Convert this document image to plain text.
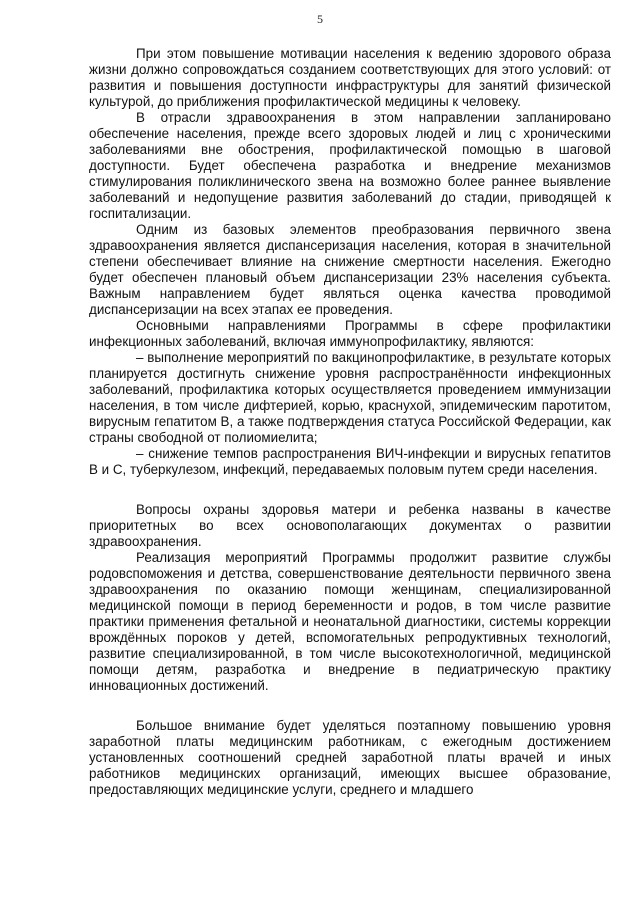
5

При этом повышение мотивации населения к ведению здорового образа жизни должно сопровождаться созданием соответствующих для этого условий: от развития и повышения доступности инфраструктуры для занятий физической культурой, до приближения профилактической медицины к человеку.

В отрасли здравоохранения в этом направлении запланировано обеспечение населения, прежде всего здоровых людей и лиц с хроническими заболеваниями вне обострения, профилактической помощью в шаговой доступности. Будет обеспечена разработка и внедрение механизмов стимулирования поликлинического звена на возможно более раннее выявление заболеваний и недопущение развития заболеваний до стадии, приводящей к госпитализации.

Одним из базовых элементов преобразования первичного звена здравоохранения является диспансеризация населения, которая в значительной степени обеспечивает влияние на снижение смертности населения. Ежегодно будет обеспечен плановый объем диспансеризации 23% населения субъекта. Важным направлением будет являться оценка качества проводимой диспансеризации на всех этапах ее проведения.

Основными направлениями Программы в сфере профилактики инфекционных заболеваний, включая иммунопрофилактику, являются:

– выполнение мероприятий по вакцинопрофилактике, в результате которых планируется достигнуть снижение уровня распространённости инфекционных заболеваний, профилактика которых осуществляется проведением иммунизации населения, в том числе дифтерией, корью, краснухой, эпидемическим паротитом, вирусным гепатитом В, а также подтверждения статуса Российской Федерации, как страны свободной от полиомиелита;

– снижение темпов распространения ВИЧ-инфекции и вирусных гепатитов В и С, туберкулезом, инфекций, передаваемых половым путем среди населения.

Вопросы охраны здоровья матери и ребенка названы в качестве приоритетных во всех основополагающих документах о развитии здравоохранения.

Реализация мероприятий Программы продолжит развитие службы родовспоможения и детства, совершенствование деятельности первичного звена здравоохранения по оказанию помощи женщинам, специализированной медицинской помощи в период беременности и родов, в том числе развитие практики применения фетальной и неонатальной диагностики, системы коррекции врождённых пороков у детей, вспомогательных репродуктивных технологий, развитие специализированной, в том числе высокотехнологичной, медицинской помощи детям, разработка и внедрение в педиатрическую практику инновационных достижений.

Большое внимание будет уделяться поэтапному повышению уровня заработной платы медицинским работникам, с ежегодным достижением установленных соотношений средней заработной платы врачей и иных работников медицинских организаций, имеющих высшее образование, предоставляющих медицинские услуги, среднего и младшего
